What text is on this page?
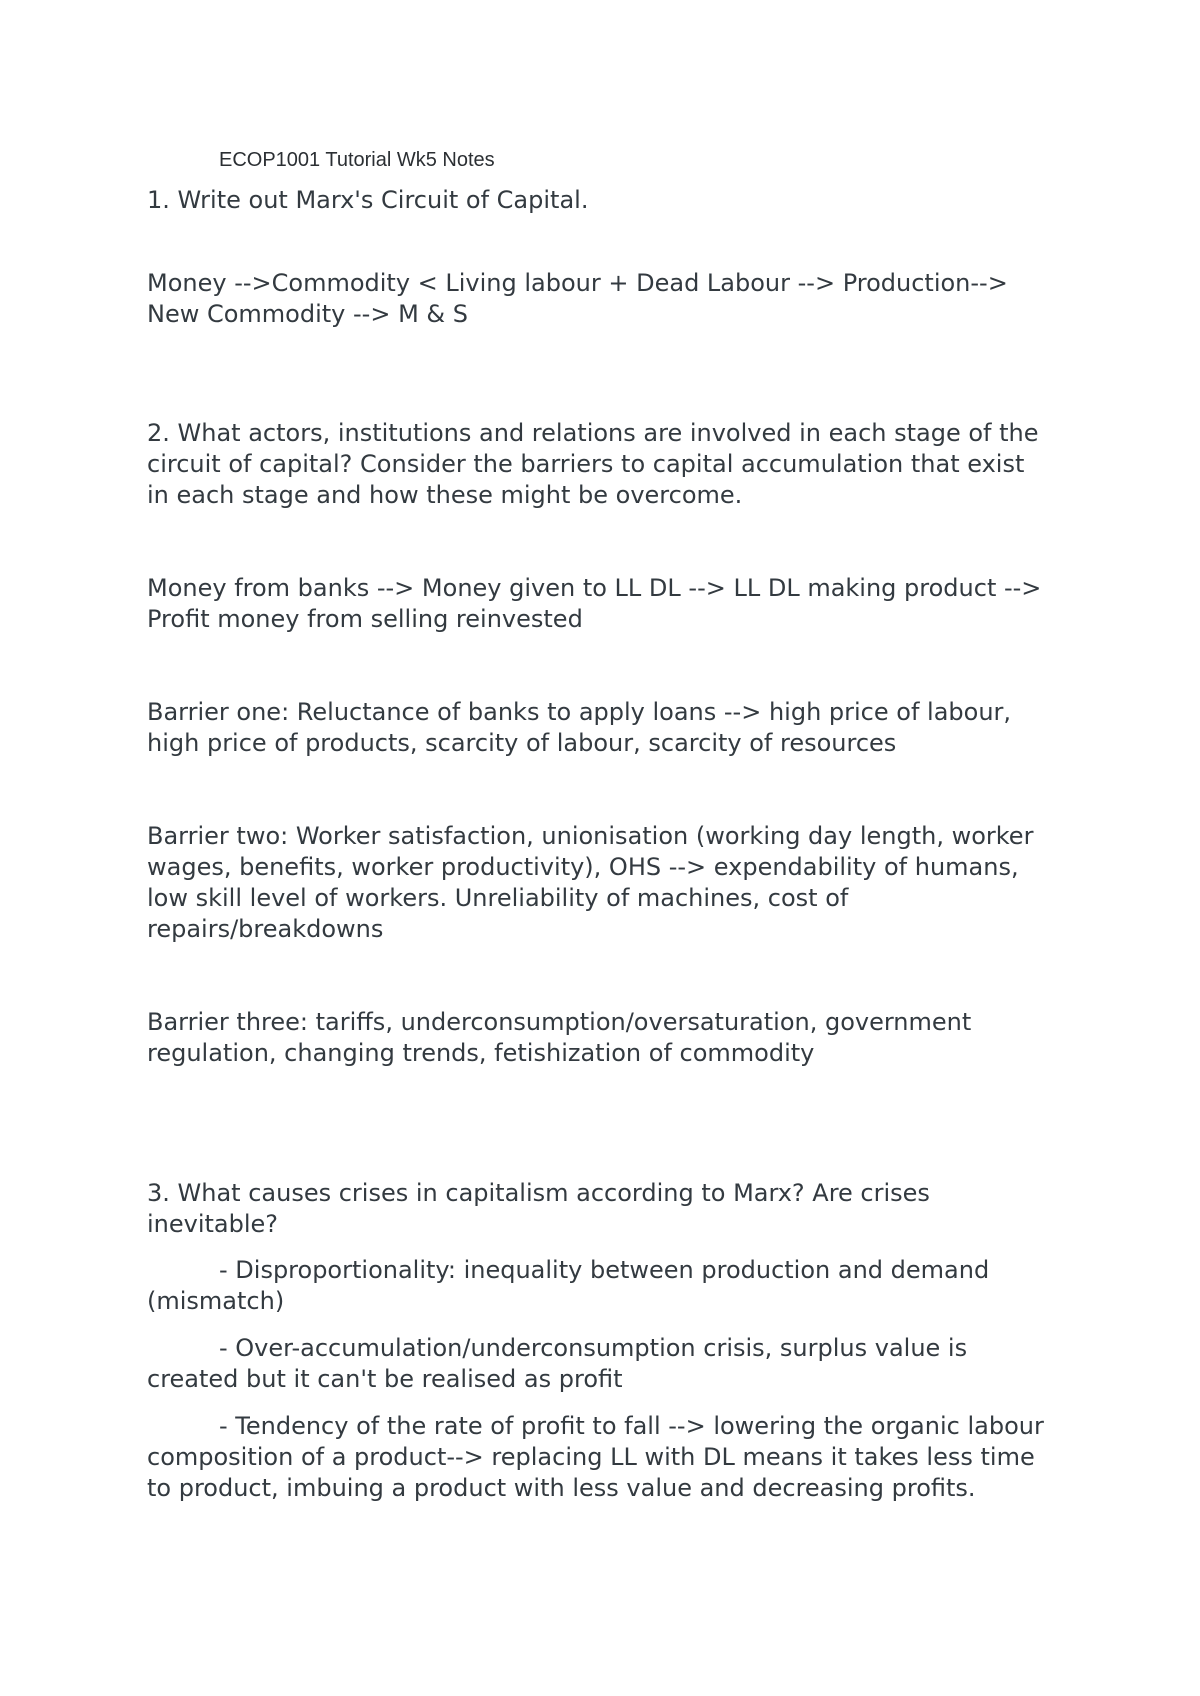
ECOP1001 Tutorial Wk5 Notes

1. Write out Marx's Circuit of Capital.

Money -->Commodity < Living labour + Dead Labour --> Production-->
New Commodity --> M & S

2. What actors, institutions and relations are involved in each stage of the
circuit of capital? Consider the barriers to capital accumulation that exist
in each stage and how these might be overcome.

Money from banks --> Money given to LL DL --> LL DL making product -->
Profit money from selling reinvested

Barrier one: Reluctance of banks to apply loans --> high price of labour,
high price of products, scarcity of labour, scarcity of resources

Barrier two: Worker satisfaction, unionisation (working day length, worker
wages, benefits, worker productivity), OHS --> expendability of humans,
low skill level of workers. Unreliability of machines, cost of
repairs/breakdowns

Barrier three: tariffs, underconsumption/oversaturation, government
regulation, changing trends, fetishization of commodity

3. What causes crises in capitalism according to Marx? Are crises
inevitable?

- Disproportionality: inequality between production and demand
(mismatch)

- Over-accumulation/underconsumption crisis, surplus value is
created but it can't be realised as profit

- Tendency of the rate of profit to fall --> lowering the organic labour
composition of a product--> replacing LL with DL means it takes less time
to product, imbuing a product with less value and decreasing profits.
